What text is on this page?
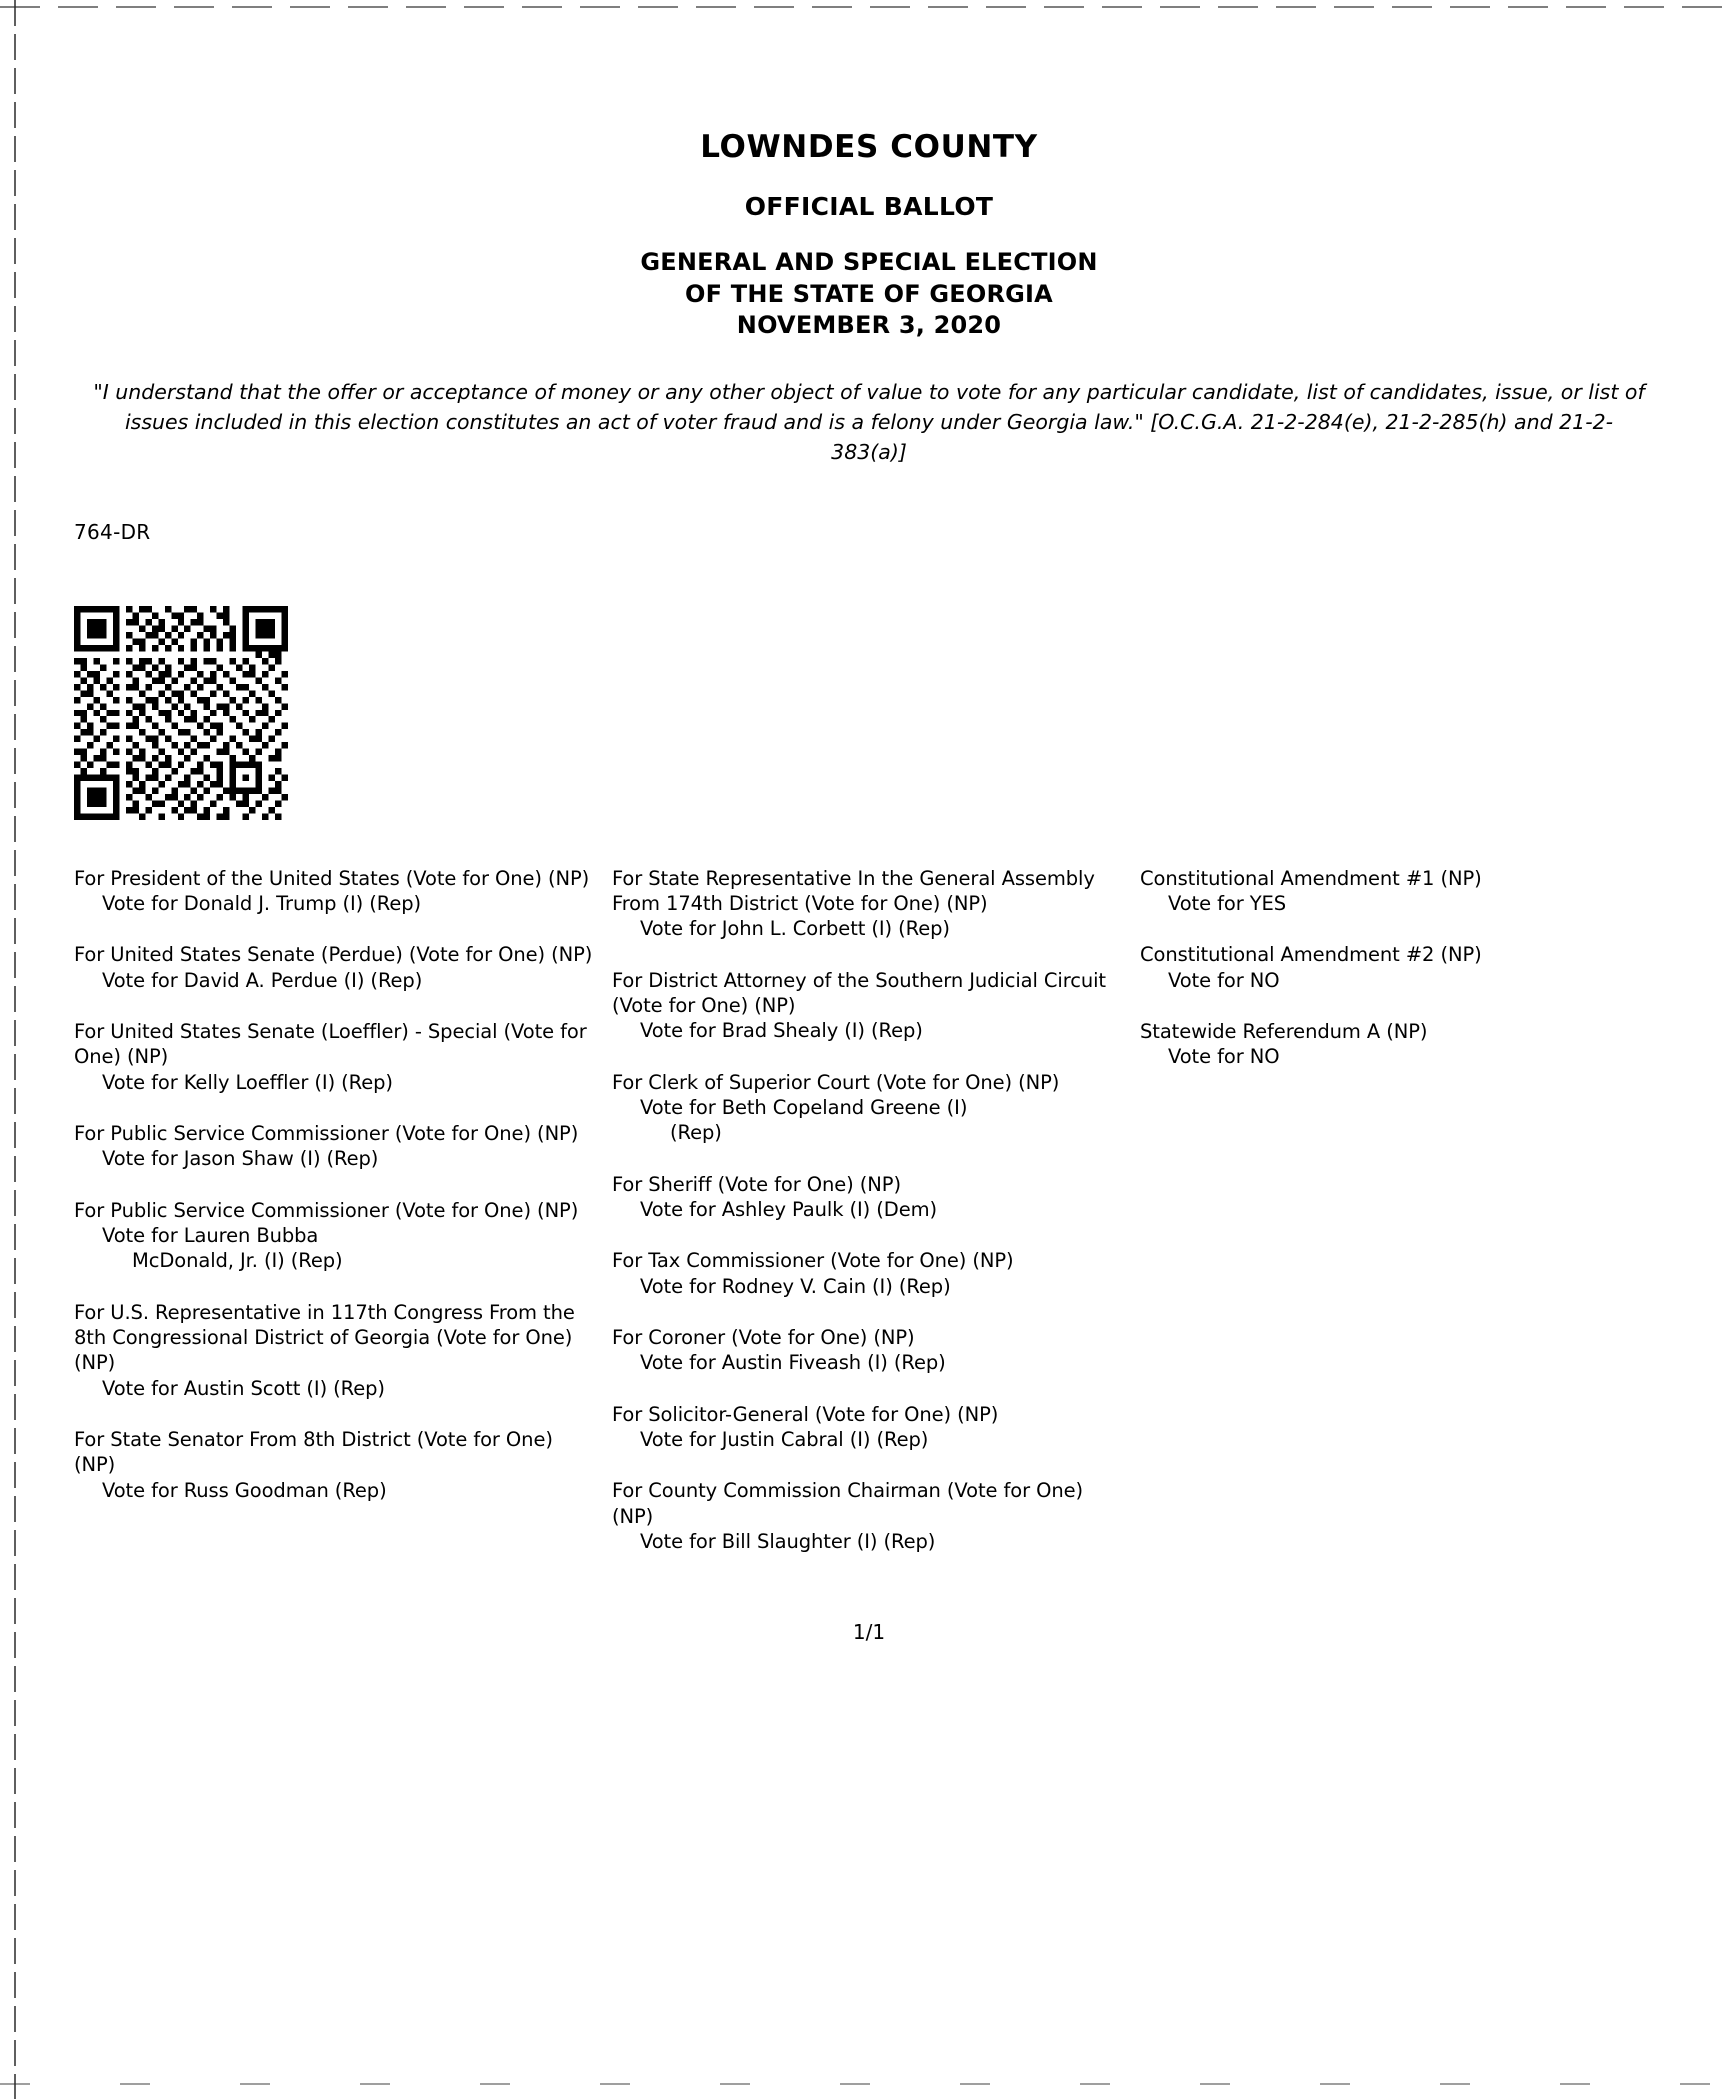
LOWNDES COUNTY
OFFICIAL BALLOT
GENERAL AND SPECIAL ELECTION
OF THE STATE OF GEORGIA
NOVEMBER 3, 2020
"I understand that the offer or acceptance of money or any other object of value to vote for any particular candidate, list of candidates, issue, or list of issues included in this election constitutes an act of voter fraud and is a felony under Georgia law." [O.C.G.A. 21-2-284(e), 21-2-285(h) and 21-2-383(a)]
764-DR
For President of the United States (Vote for One) (NP)
Vote for Donald J. Trump (I) (Rep)
For United States Senate (Perdue) (Vote for One) (NP)
Vote for David A. Perdue (I) (Rep)
For United States Senate (Loeffler) - Special (Vote for One) (NP)
Vote for Kelly Loeffler (I) (Rep)
For Public Service Commissioner (Vote for One) (NP)
Vote for Jason Shaw (I) (Rep)
For Public Service Commissioner (Vote for One) (NP)
Vote for Lauren Bubba
McDonald, Jr. (I) (Rep)
For U.S. Representative in 117th Congress From the 8th Congressional District of Georgia (Vote for One) (NP)
Vote for Austin Scott (I) (Rep)
For State Senator From 8th District (Vote for One) (NP)
Vote for Russ Goodman (Rep)
For State Representative In the General Assembly From 174th District (Vote for One) (NP)
Vote for John L. Corbett (I) (Rep)
For District Attorney of the Southern Judicial Circuit (Vote for One) (NP)
Vote for Brad Shealy (I) (Rep)
For Clerk of Superior Court (Vote for One) (NP)
Vote for Beth Copeland Greene (I)
(Rep)
For Sheriff (Vote for One) (NP)
Vote for Ashley Paulk (I) (Dem)
For Tax Commissioner (Vote for One) (NP)
Vote for Rodney V. Cain (I) (Rep)
For Coroner (Vote for One) (NP)
Vote for Austin Fiveash (I) (Rep)
For Solicitor-General (Vote for One) (NP)
Vote for Justin Cabral (I) (Rep)
For County Commission Chairman (Vote for One) (NP)
Vote for Bill Slaughter (I) (Rep)
Constitutional Amendment #1 (NP)
Vote for YES
Constitutional Amendment #2 (NP)
Vote for NO
Statewide Referendum A (NP)
Vote for NO
1/1
